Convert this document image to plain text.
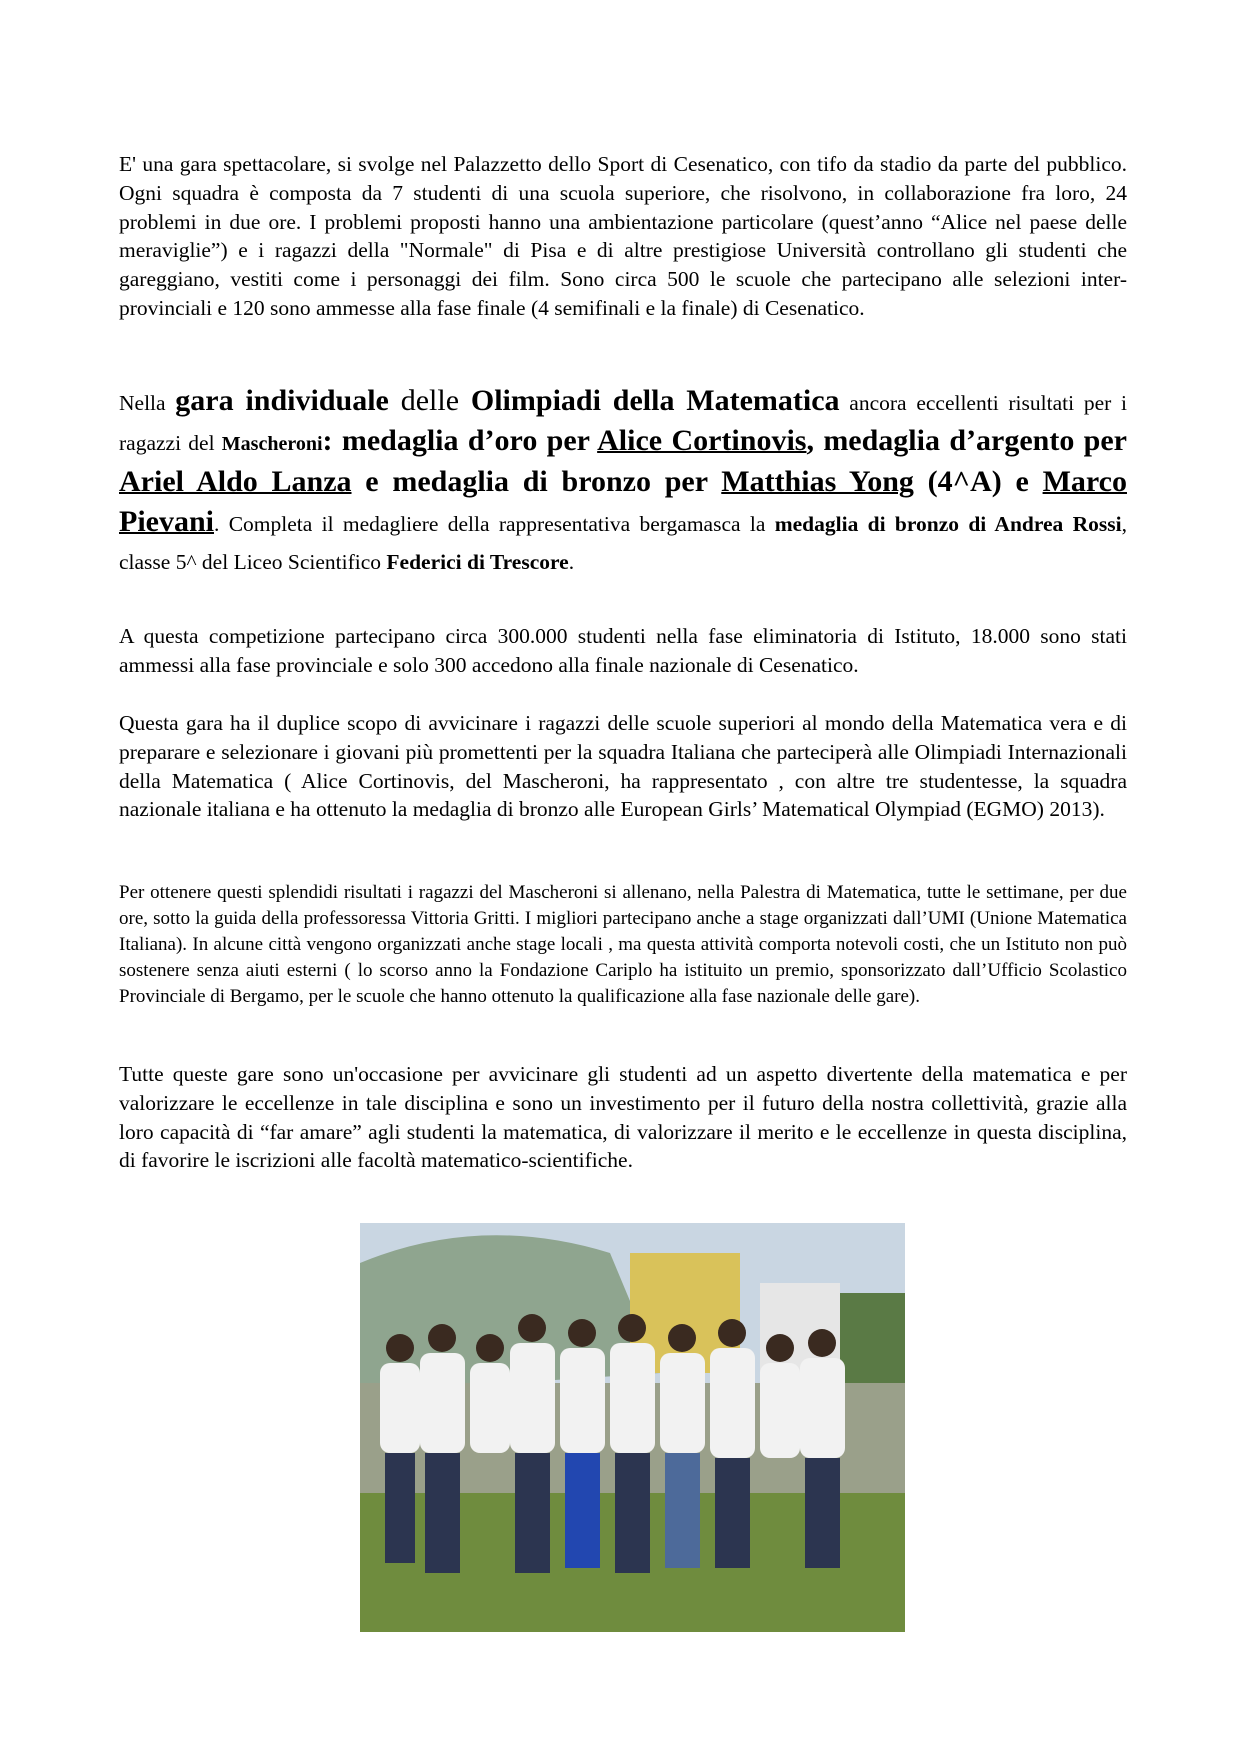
E' una gara spettacolare, si svolge nel Palazzetto dello Sport di Cesenatico, con tifo da stadio da parte del pubblico. Ogni squadra è composta da 7 studenti di una scuola superiore, che risolvono, in collaborazione fra loro, 24 problemi in due ore. I problemi proposti hanno una ambientazione particolare (quest’anno “Alice nel paese delle meraviglie”) e i ragazzi della "Normale" di Pisa e di altre prestigiose Università controllano gli studenti che gareggiano, vestiti come i personaggi dei film. Sono circa 500 le scuole che partecipano alle selezioni inter-provinciali e 120 sono ammesse alla fase finale (4 semifinali e la finale) di Cesenatico.

Nella gara individuale delle Olimpiadi della Matematica ancora eccellenti risultati per i ragazzi del Mascheroni: medaglia d’oro per Alice Cortinovis, medaglia d’argento per Ariel Aldo Lanza e medaglia di bronzo per Matthias Yong (4^A) e Marco Pievani. Completa il medagliere della rappresentativa bergamasca la medaglia di bronzo di Andrea Rossi, classe 5^ del Liceo Scientifico Federici di Trescore.

A questa competizione partecipano circa 300.000 studenti nella fase eliminatoria di Istituto, 18.000 sono stati ammessi alla fase provinciale e solo 300 accedono alla finale nazionale di Cesenatico.

Questa gara ha il duplice scopo di avvicinare i ragazzi delle scuole superiori al mondo della Matematica vera e di preparare e selezionare i giovani più promettenti per la squadra Italiana che parteciperà alle Olimpiadi Internazionali della Matematica ( Alice Cortinovis, del Mascheroni, ha rappresentato , con altre tre studentesse, la squadra nazionale italiana e ha ottenuto la medaglia di bronzo alle European Girls’ Matematical Olympiad (EGMO) 2013).

Per ottenere questi splendidi risultati i ragazzi del Mascheroni si allenano, nella Palestra di Matematica, tutte le settimane, per due ore, sotto la guida della professoressa Vittoria Gritti. I migliori partecipano anche a stage organizzati dall’UMI (Unione Matematica Italiana). In alcune città vengono organizzati anche stage locali , ma questa attività comporta notevoli costi, che un Istituto non può sostenere senza aiuti esterni ( lo scorso anno la Fondazione Cariplo ha istituito un premio, sponsorizzato dall’Ufficio Scolastico Provinciale di Bergamo, per le scuole che hanno ottenuto la qualificazione alla fase nazionale delle gare).

Tutte queste gare sono un'occasione per avvicinare gli studenti ad un aspetto divertente della matematica e per valorizzare le eccellenze in tale disciplina e sono un investimento per il futuro della nostra collettività, grazie alla loro capacità di “far amare” agli studenti la matematica, di valorizzare il merito e le eccellenze in questa disciplina, di favorire le iscrizioni alle facoltà matematico-scientifiche.
